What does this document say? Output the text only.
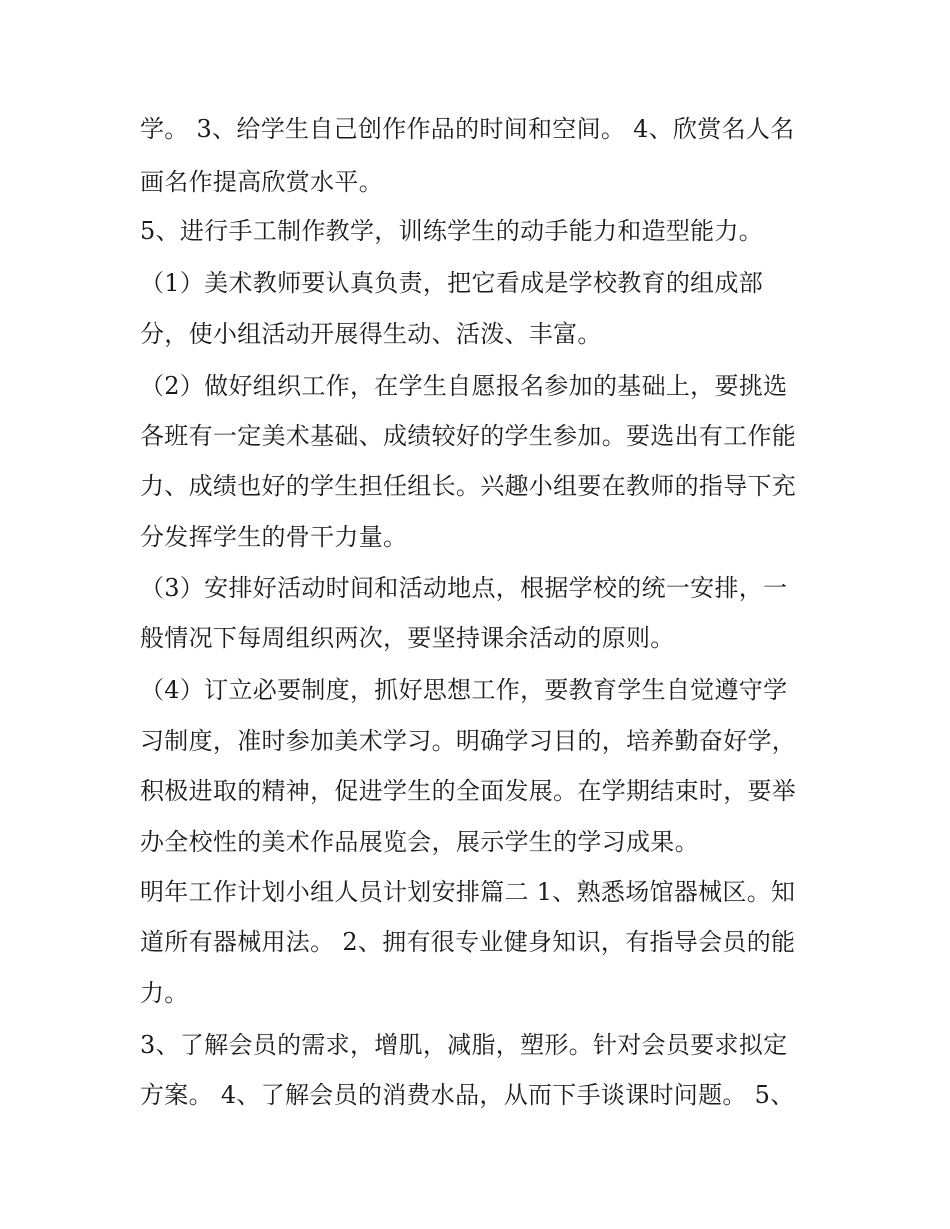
学。 3、给学生自己创作作品的时间和空间。 4、欣赏名人名
画名作提高欣赏水平。
5、进行手工制作教学，训练学生的动手能力和造型能力。
（1）美术教师要认真负责，把它看成是学校教育的组成部
分，使小组活动开展得生动、活泼、丰富。
（2）做好组织工作，在学生自愿报名参加的基础上，要挑选
各班有一定美术基础、成绩较好的学生参加。要选出有工作能
力、成绩也好的学生担任组长。兴趣小组要在教师的指导下充
分发挥学生的骨干力量。
（3）安排好活动时间和活动地点，根据学校的统一安排，一
般情况下每周组织两次，要坚持课余活动的原则。
（4）订立必要制度，抓好思想工作，要教育学生自觉遵守学
习制度，准时参加美术学习。明确学习目的，培养勤奋好学，
积极进取的精神，促进学生的全面发展。在学期结束时，要举
办全校性的美术作品展览会，展示学生的学习成果。
明年工作计划小组人员计划安排篇二 1、熟悉场馆器械区。知
道所有器械用法。 2、拥有很专业健身知识，有指导会员的能
力。
3、了解会员的需求，增肌，减脂，塑形。针对会员要求拟定
方案。 4、了解会员的消费水品，从而下手谈课时问题。 5、
